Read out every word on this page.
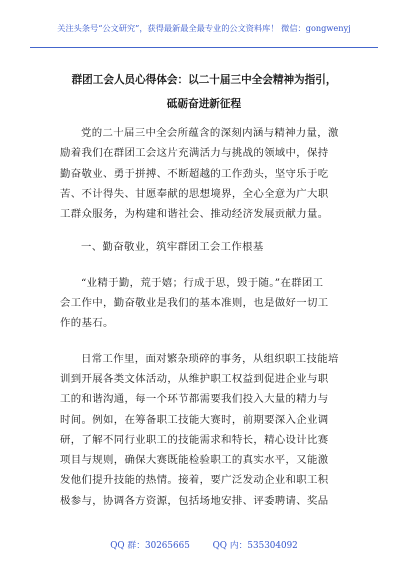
关注头条号“公文研究”，获得最新最全最专业的公文资料库！ 微信：gongwenyj
群团工会人员心得体会：以二十届三中全会精神为指引，
砥砺奋进新征程

党的二十届三中全会所蕴含的深刻内涵与精神力量，激
励着我们在群团工会这片充满活力与挑战的领域中，保持
勤奋敬业、勇于拼搏、不断超越的工作劲头，坚守乐于吃
苦、不计得失、甘愿奉献的思想境界，全心全意为广大职
工群众服务，为构建和谐社会、推动经济发展贡献力量。

一、勤奋敬业，筑牢群团工会工作根基

“业精于勤，荒于嬉；行成于思，毁于随。”在群团工
会工作中，勤奋敬业是我们的基本准则，也是做好一切工
作的基石。

日常工作里，面对繁杂琐碎的事务，从组织职工技能培
训到开展各类文体活动，从维护职工权益到促进企业与职
工的和谐沟通，每一个环节都需要我们投入大量的精力与
时间。例如，在筹备职工技能大赛时，前期要深入企业调
研，了解不同行业职工的技能需求和特长，精心设计比赛
项目与规则，确保大赛既能检验职工的真实水平，又能激
发他们提升技能的热情。接着，要广泛发动企业和职工积
极参与，协调各方资源，包括场地安排、评委聘请、奖品

QQ 群：30265665	QQ 内：535304092
